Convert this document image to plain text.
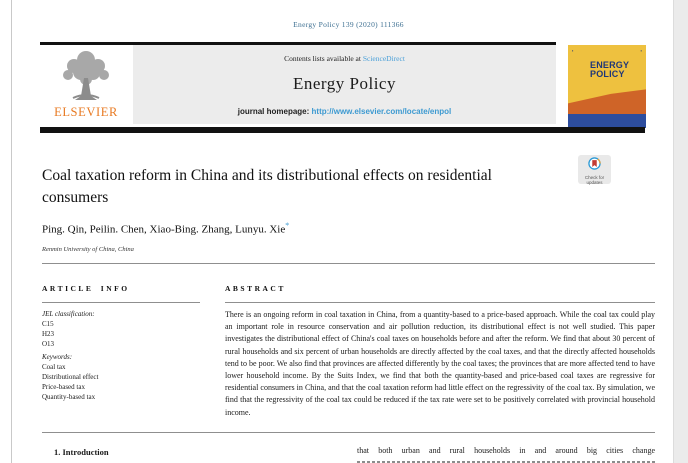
Energy Policy 139 (2020) 111366
ELSEVIER
Contents lists available at ScienceDirect
Energy Policy
journal homepage: http://www.elsevier.com/locate/enpol
▪	▪
ENERGY
POLICY
Check for
updates
Coal taxation reform in China and its distributional effects on residential consumers
Ping. Qin, Peilin. Chen, Xiao-Bing. Zhang, Lunyu. Xie*
Renmin University of China, China
ARTICLE INFO	ABSTRACT
JEL classification:
C15
H23
O13
Keywords:
Coal tax
Distributional effect
Price-based tax
Quantity-based tax

There is an ongoing reform in coal taxation in China, from a quantity-based to a price-based approach. While the coal tax could play an important role in resource conservation and air pollution reduction, its distributional effect is not well studied. This paper investigates the distributional effect of China's coal taxes on households before and after the reform. We find that about 30 percent of rural households and six percent of urban households are directly affected by the coal taxes, and that the directly affected households tend to be poor. We also find that provinces are affected differently by the coal taxes; the provinces that are more affected tend to have lower household income. By the Suits Index, we find that both the quantity-based and price-based coal taxes are regressive for residential consumers in China, and that the coal taxation reform had little effect on the regressivity of the coal tax. By simulation, we find that the regressivity of the coal tax could be reduced if the tax rate were set to be positively correlated with provincial household income.

1. Introduction	that both urban and rural households in and around big cities change
